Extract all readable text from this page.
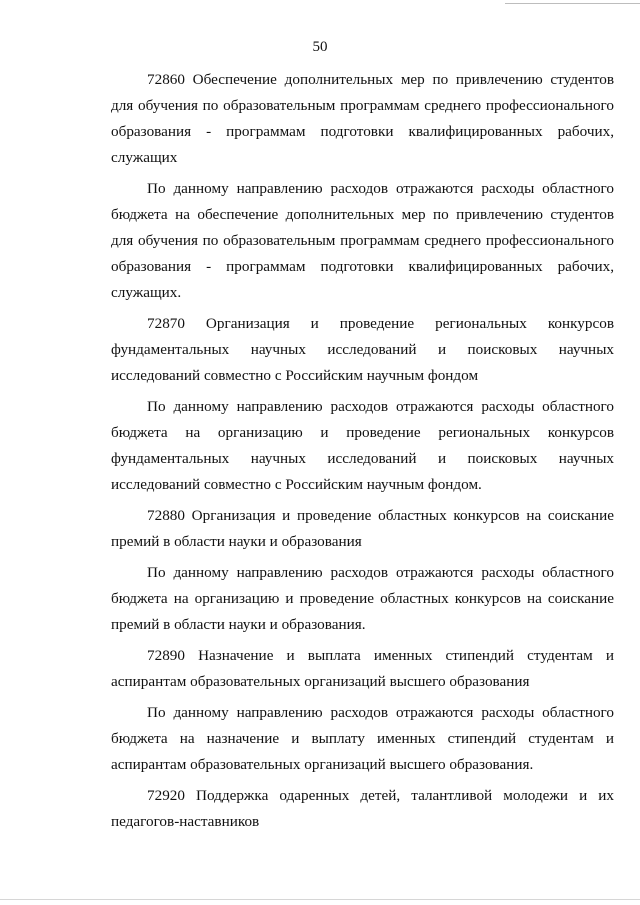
50

72860 Обеспечение дополнительных мер по привлечению студентов для обучения по образовательным программам среднего профессионального образования - программам подготовки квалифицированных рабочих, служащих

По данному направлению расходов отражаются расходы областного бюджета на обеспечение дополнительных мер по привлечению студентов для обучения по образовательным программам среднего профессионального образования - программам подготовки квалифицированных рабочих, служащих.

72870 Организация и проведение региональных конкурсов фундаментальных научных исследований и поисковых научных исследований совместно с Российским научным фондом

По данному направлению расходов отражаются расходы областного бюджета на организацию и проведение региональных конкурсов фундаментальных научных исследований и поисковых научных исследований совместно с Российским научным фондом.

72880 Организация и проведение областных конкурсов на соискание премий в области науки и образования

По данному направлению расходов отражаются расходы областного бюджета на организацию и проведение областных конкурсов на соискание премий в области науки и образования.

72890 Назначение и выплата именных стипендий студентам и аспирантам образовательных организаций высшего образования

По данному направлению расходов отражаются расходы областного бюджета на назначение и выплату именных стипендий студентам и аспирантам образовательных организаций высшего образования.

72920 Поддержка одаренных детей, талантливой молодежи и их педагогов-наставников
